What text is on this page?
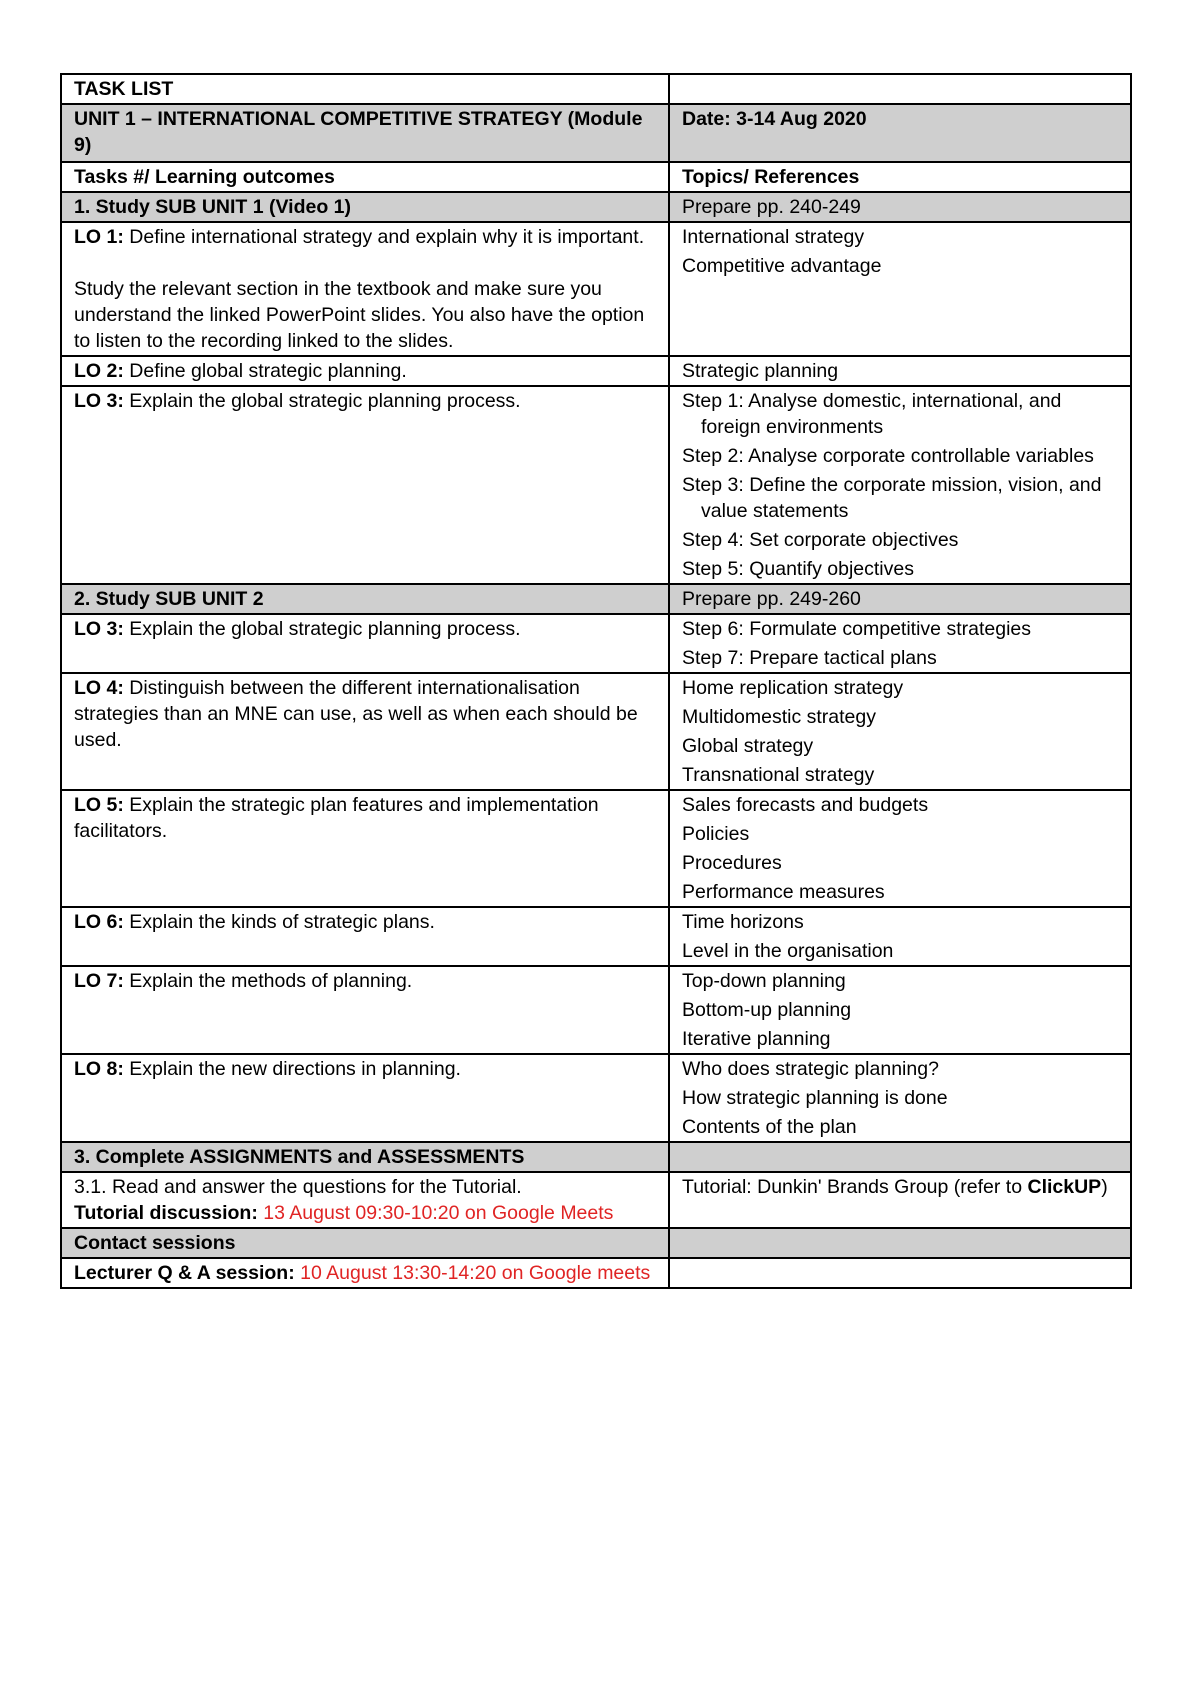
TASK LIST	
UNIT 1 – INTERNATIONAL COMPETITIVE STRATEGY (Module 9)	Date: 3-14 Aug 2020
Tasks #/ Learning outcomes	Topics/ References
1. Study SUB UNIT 1 (Video 1)	Prepare pp. 240-249

LO 1: Define international strategy and explain why it is important.
Study the relevant section in the textbook and make sure you understand the linked PowerPoint slides. You also have the option to listen to the recording linked to the slides.	International strategy
Competitive advantage

LO 2: Define global strategic planning.	Strategic planning

LO 3: Explain the global strategic planning process.	Step 1: Analyse domestic, international, and foreign environments
Step 2: Analyse corporate controllable variables
Step 3: Define the corporate mission, vision, and value statements
Step 4: Set corporate objectives
Step 5: Quantify objectives

2. Study SUB UNIT 2	Prepare pp. 249-260
LO 3: Explain the global strategic planning process.	Step 6: Formulate competitive strategies
Step 7: Prepare tactical plans

LO 4: Distinguish between the different internationalisation strategies than an MNE can use, as well as when each should be used.	Home replication strategy
Multidomestic strategy
Global strategy
Transnational strategy

LO 5: Explain the strategic plan features and implementation facilitators.	Sales forecasts and budgets
Policies
Procedures
Performance measures

LO 6: Explain the kinds of strategic plans.	Time horizons
Level in the organisation

LO 7: Explain the methods of planning.	Top-down planning
Bottom-up planning
Iterative planning

LO 8: Explain the new directions in planning.	Who does strategic planning?
How strategic planning is done
Contents of the plan

3. Complete ASSIGNMENTS and ASSESSMENTS	

3.1. Read and answer the questions for the Tutorial.
Tutorial discussion: 13 August 09:30-10:20 on Google Meets	Tutorial: Dunkin' Brands Group (refer to ClickUP)
Contact sessions	
Lecturer Q & A session: 10 August 13:30-14:20 on Google meets	
